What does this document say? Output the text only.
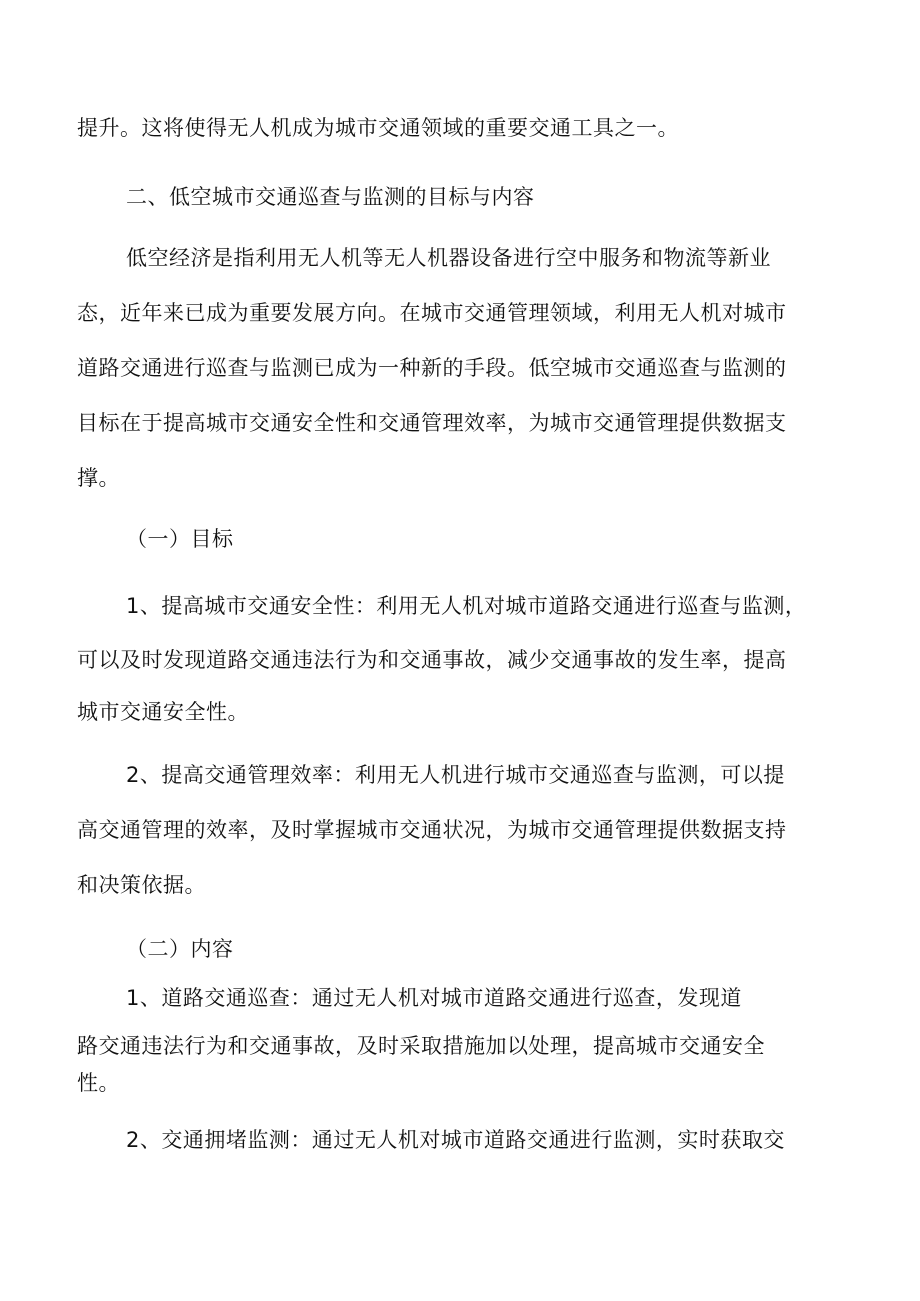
提升。这将使得无人机成为城市交通领域的重要交通工具之一。
二、低空城市交通巡查与监测的目标与内容
低空经济是指利用无人机等无人机器设备进行空中服务和物流等新业
态，近年来已成为重要发展方向。在城市交通管理领域，利用无人机对城市
道路交通进行巡查与监测已成为一种新的手段。低空城市交通巡查与监测的
目标在于提高城市交通安全性和交通管理效率，为城市交通管理提供数据支
撑。
（一）目标
1、提高城市交通安全性：利用无人机对城市道路交通进行巡查与监测，
可以及时发现道路交通违法行为和交通事故，减少交通事故的发生率，提高
城市交通安全性。
2、提高交通管理效率：利用无人机进行城市交通巡查与监测，可以提
高交通管理的效率，及时掌握城市交通状况，为城市交通管理提供数据支持
和决策依据。
（二）内容
1、道路交通巡查：通过无人机对城市道路交通进行巡查，发现道
路交通违法行为和交通事故，及时采取措施加以处理，提高城市交通安全
性。
2、交通拥堵监测：通过无人机对城市道路交通进行监测，实时获取交
